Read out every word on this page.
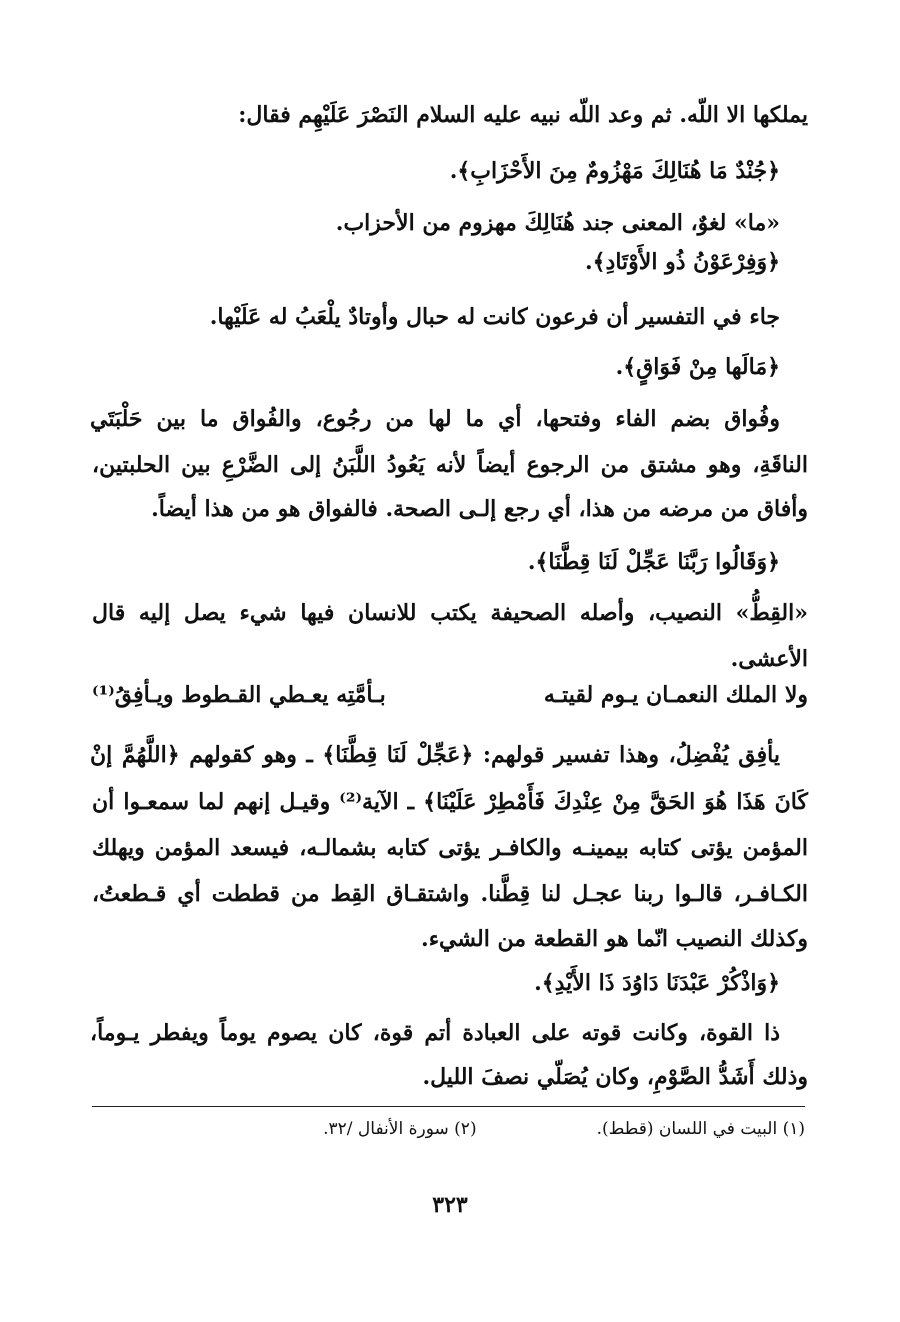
يملكها الا اللّه. ثم وعد اللّه نبيه عليه السلام النَصْرَ عَلَيْهِم فقال:
﴿جُنْدٌ مَا هُنَالِكَ مَهْزُومٌ مِنَ الأَحْزَابِ﴾.
«ما» لغوٌ، المعنى جند هُنَالِكَ مهزوم من الأحزاب.
﴿وَفِرْعَوْنُ ذُو الأَوْتَادِ﴾.
جاء في التفسير أن فرعون كانت له حبال وأوتادٌ يلْعَبُ له عَلَيْها.
﴿مَالَها مِنْ فَوَاقٍ﴾.
وفُواق بضم الفاء وفتحها، أي ما لها من رجُوع، والفُواق ما بين حَلْبَتَي
الناقَةِ، وهو مشتق من الرجوع أيضاً لأنه يَعُودُ اللَّبَنُ إلى الضَّرْعِ بين الحلبتين،
وأفاق من مرضه من هذا، أي رجع إلـى الصحة. فالفواق هو من هذا أيضاً.
﴿وَقَالُوا رَبَّنَا عَجِّلْ لَنَا قِطَّنَا﴾.
«القِطُّ» النصيب، وأصله الصحيفة يكتب للانسان فيها شيء يصل إليه قال
الأعشى.
ولا الملك النعمـان يـوم لقيتـه
بـأمَّتِه يعـطي القـطوط ويـأفِقُ⁽¹⁾
يأفِق يُفْضِلُ، وهذا تفسير قولهم: ﴿عَجِّلْ لَنَا قِطَّنَا﴾ ـ وهو كقولهم ﴿اللَّهُمَّ إنْ
كَانَ هَذَا هُوَ الحَقَّ مِنْ عِنْدِكَ فَأَمْطِرْ عَلَيْنَا﴾ ـ الآية⁽²⁾ وقيـل إنهم لما سمعـوا أن
المؤمن يؤتى كتابه بيمينـه والكافـر يؤتى كتابه بشمالـه، فيسعد المؤمن ويهلك
الكـافـر، قالـوا ربنا عجـل لنا قِطَّنا. واشتقـاق القِط من قططت أي قـطعتُ،
وكذلك النصيب انّما هو القطعة من الشيء.
﴿وَاذْكُرْ عَبْدَنَا دَاوُدَ ذَا الأَيْدِ﴾.
ذا القوة، وكانت قوته على العبادة أتم قوة، كان يصوم يوماً ويفطر يـوماً،
وذلك أَشَدُّ الصَّوْمِ، وكان يُصَلّي نصفَ الليل.
(١) البيت في اللسان (قطط).
(٢) سورة الأنفال /٣٢.
٣٢٣
